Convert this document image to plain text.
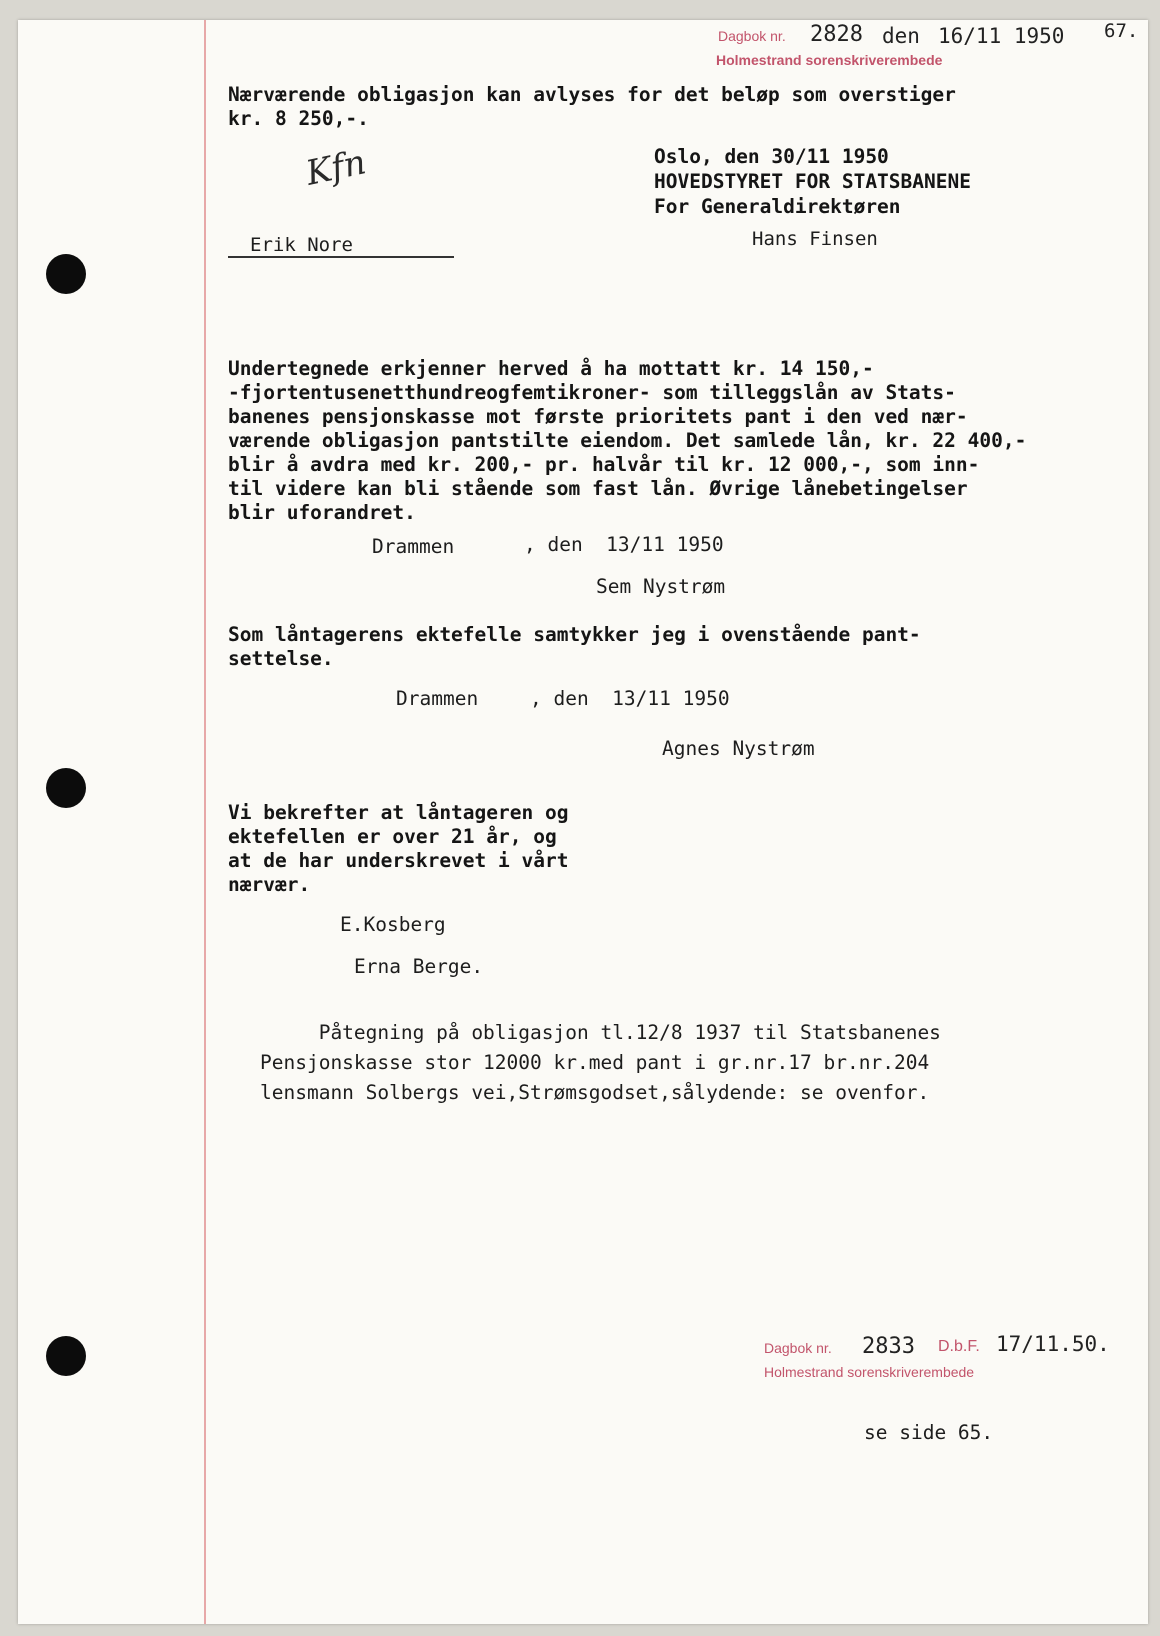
Dagbok nr. 2828 den 16/11 1950
Holmestrand sorenskriverembede
67.
Nærværende obligasjon kan avlyses for det beløp som overstiger
kr. 8 250,-.
Kfn	Oslo, den 30/11 1950
HOVEDSTYRET FOR STATSBANENE
For Generaldirektøren
Erik Nore	Hans Finsen
Undertegnede erkjenner herved å ha mottatt kr. 14 150,-
-fjortentusenetthundreogfemtikroner- som tilleggslån av Stats-
banenes pensjonskasse mot første prioritets pant i den ved nær-
værende obligasjon pantstilte eiendom. Det samlede lån, kr. 22 400,-
blir å avdra med kr. 200,- pr. halvår til kr. 12 000,-, som inn-
til videre kan bli stående som fast lån. Øvrige lånebetingelser
blir uforandret.
Drammen	, den  13/11 1950
Sem Nystrøm
Som låntagerens ektefelle samtykker jeg i ovenstående pant-
settelse.
Drammen	, den  13/11 1950
Agnes Nystrøm
Vi bekrefter at låntageren og
ektefellen er over 21 år, og
at de har underskrevet i vårt
nærvær.
E.Kosberg
Erna Berge.
Påtegning på obligasjon tl.12/8 1937 til Statsbanenes
Pensjonskasse stor 12000 kr.med pant i gr.nr.17 br.nr.204
lensmann Solbergs vei,Strømsgodset,sålydende: se ovenfor.
Dagbok nr. 2833 D.b.F. 17/11.50.
Holmestrand sorenskriverembede
se side 65.
